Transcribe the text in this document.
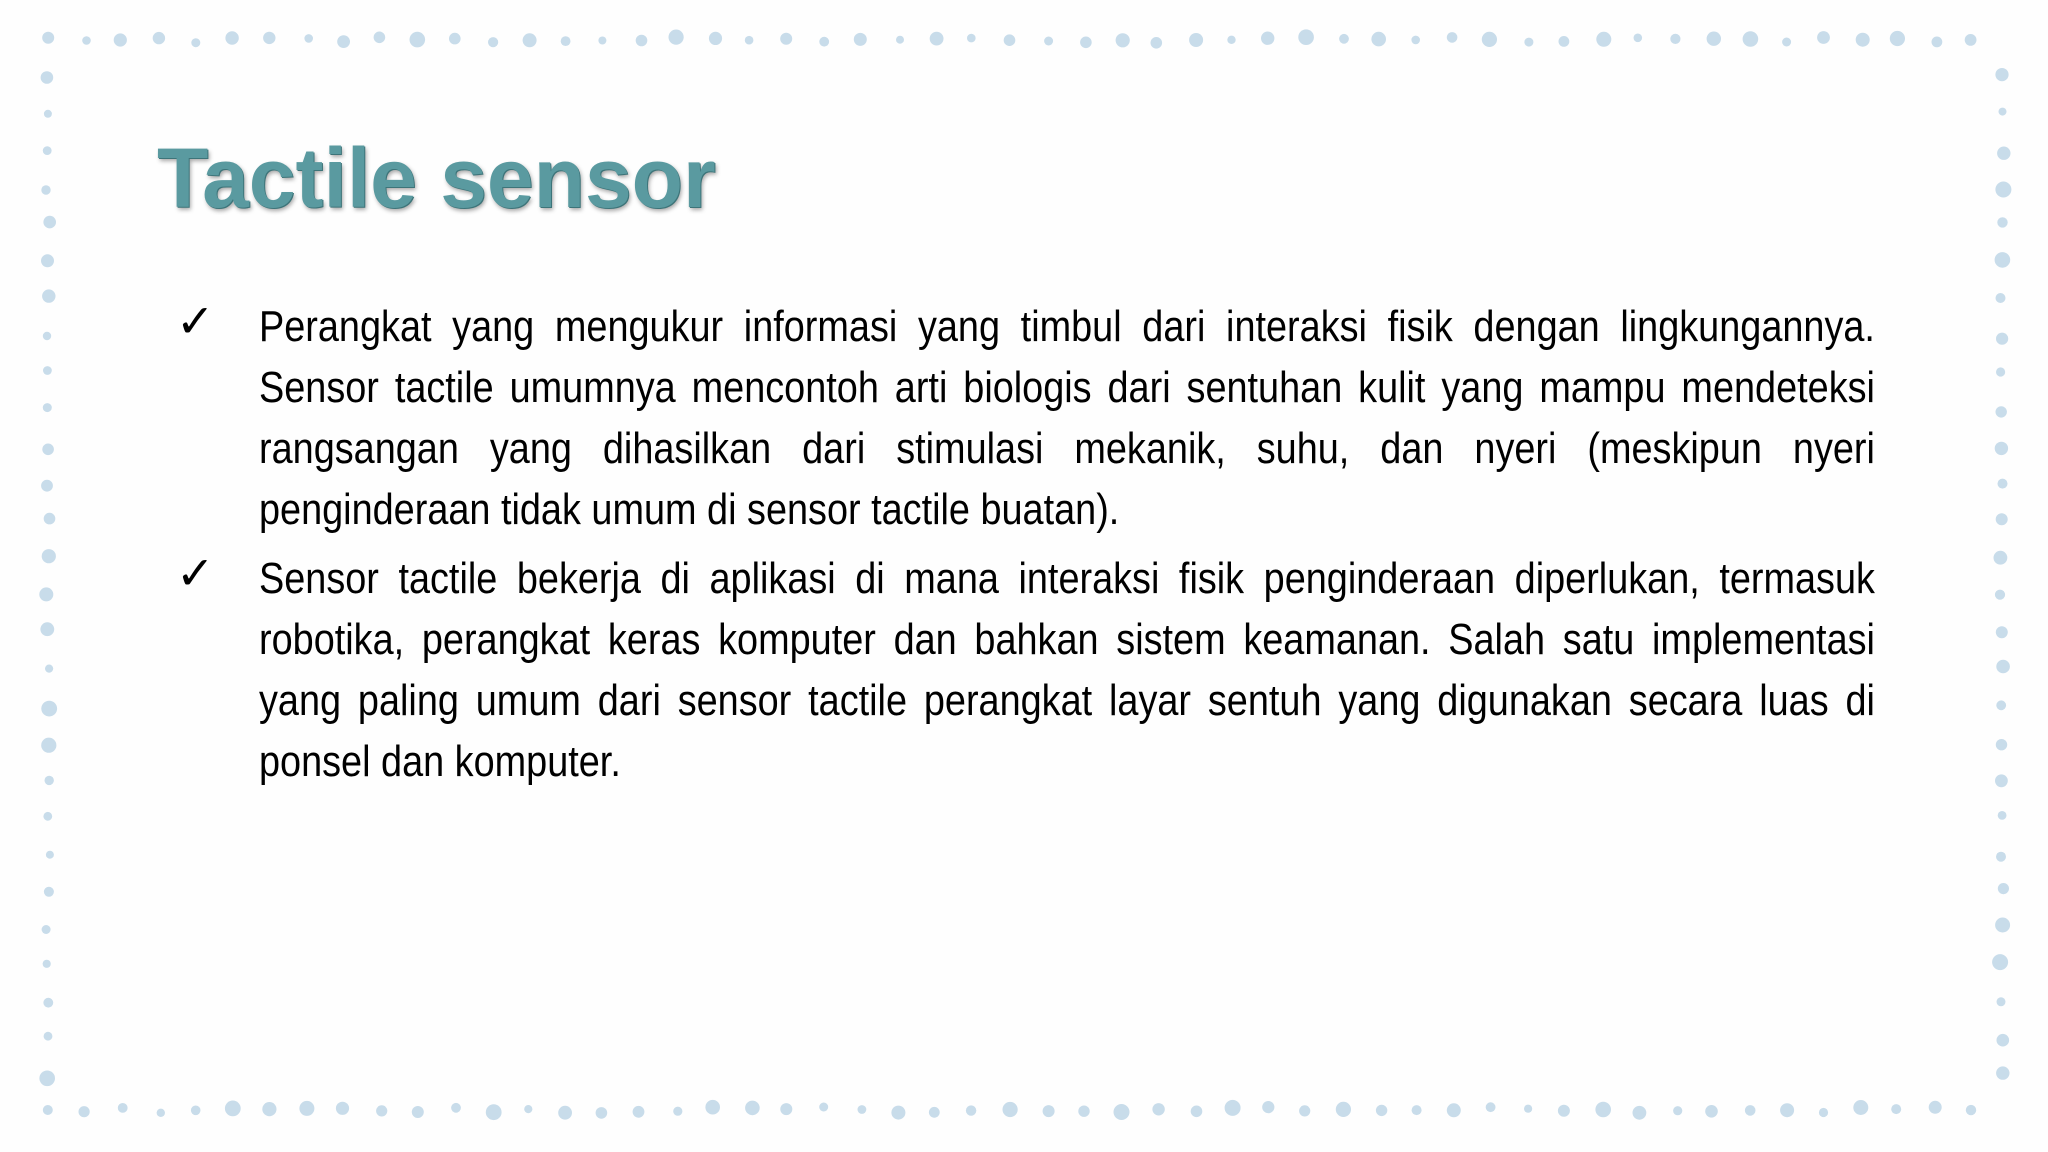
Tactile sensor
✓ Perangkat yang mengukur informasi yang timbul dari interaksi fisik dengan lingkungannya. Sensor tactile umumnya mencontoh arti biologis dari sentuhan kulit yang mampu mendeteksi rangsangan yang dihasilkan dari stimulasi mekanik, suhu, dan nyeri (meskipun nyeri penginderaan tidak umum di sensor tactile buatan).
✓ Sensor tactile bekerja di aplikasi di mana interaksi fisik penginderaan diperlukan, termasuk robotika, perangkat keras komputer dan bahkan sistem keamanan. Salah satu implementasi yang paling umum dari sensor tactile perangkat layar sentuh yang digunakan secara luas di ponsel dan komputer.
